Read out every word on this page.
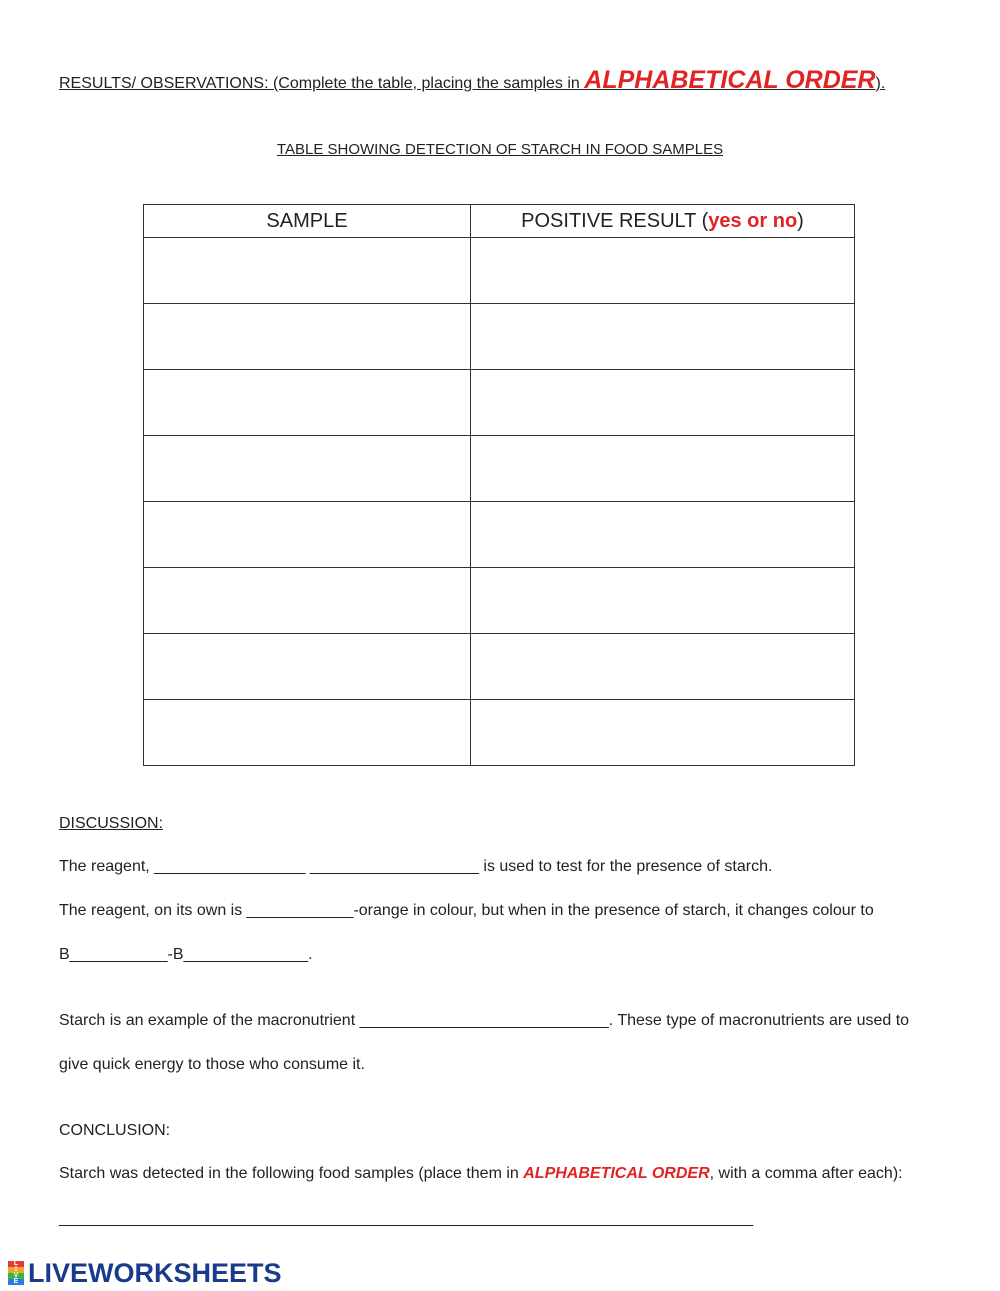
RESULTS/ OBSERVATIONS: (Complete the table, placing the samples in ALPHABETICAL ORDER).
TABLE SHOWING DETECTION OF STARCH IN FOOD SAMPLES
SAMPLE	POSITIVE RESULT (yes or no)

DISCUSSION:
The reagent, _________________ ___________________ is used to test for the presence of starch.
The reagent, on its own is ____________-orange in colour, but when in the presence of starch, it changes colour to
B___________-B______________.
Starch is an example of the macronutrient ____________________________. These type of macronutrients are used to
give quick energy to those who consume it.
CONCLUSION:
Starch was detected in the following food samples (place them in ALPHABETICAL ORDER, with a comma after each):
______________________________________________________________________________
L
I
V
E LIVEWORKSHEETS
